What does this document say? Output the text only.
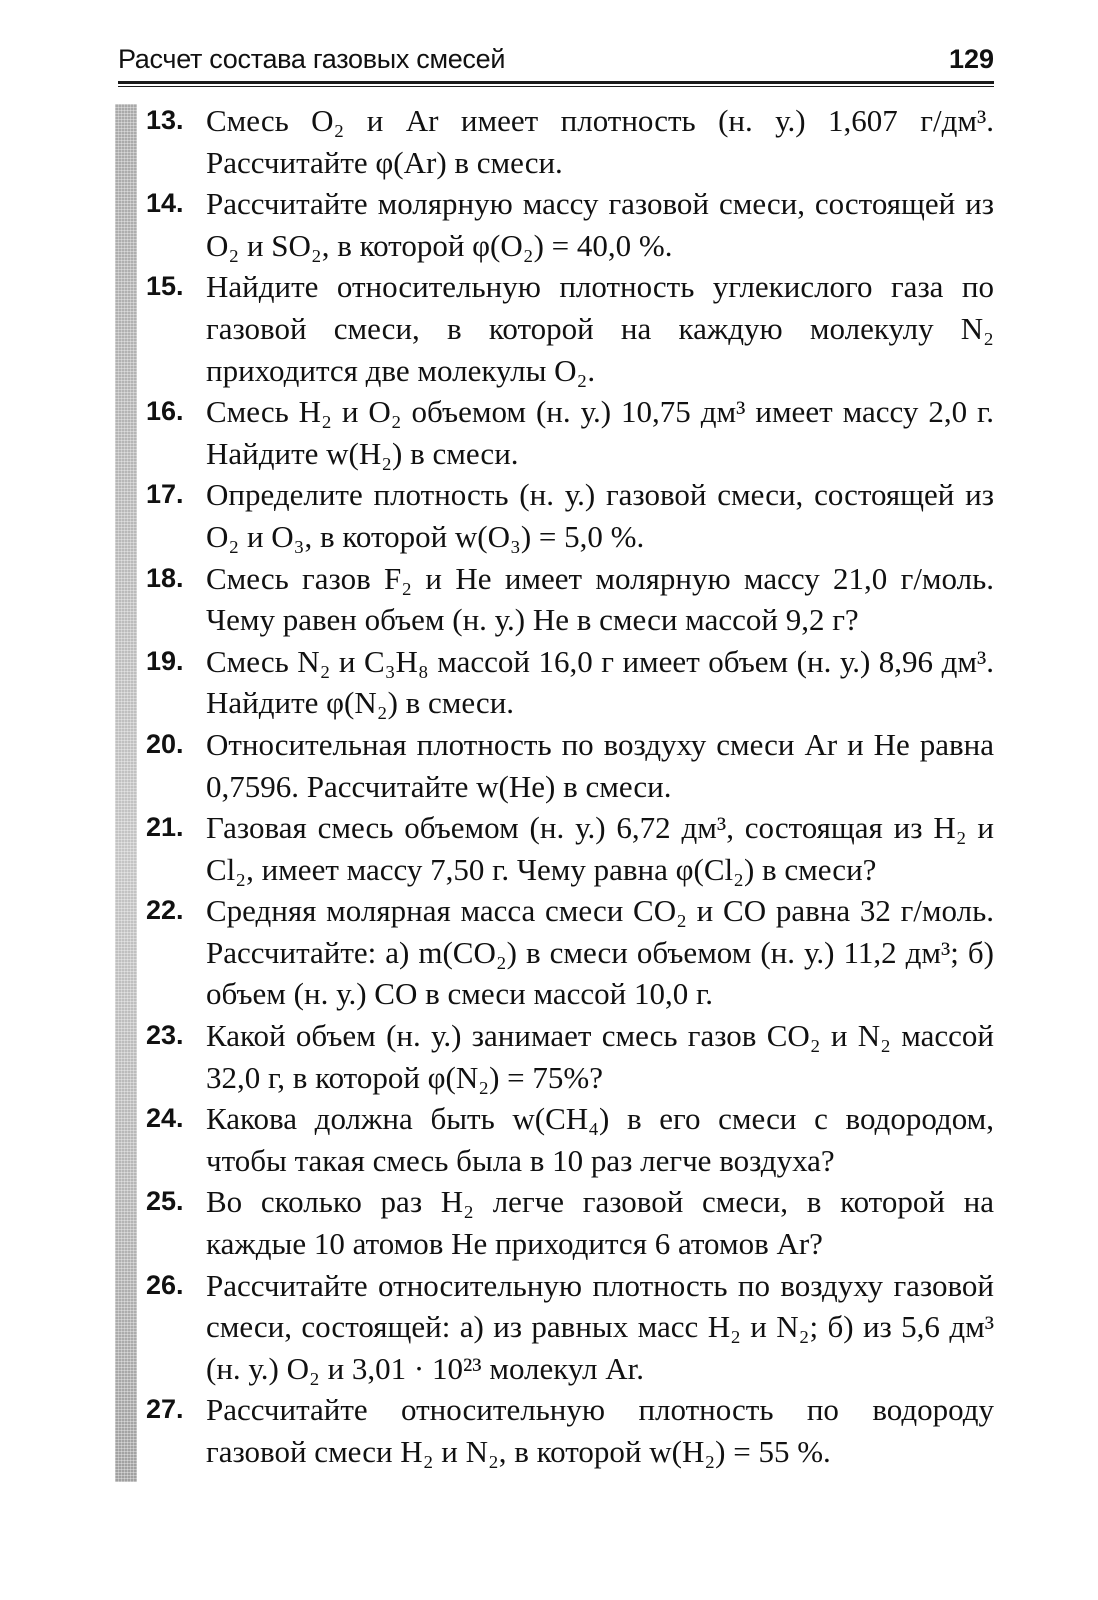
Расчет состава газовых смесей	129
13. Смесь O₂ и Ar имеет плотность (н. у.) 1,607 г/дм³. Рассчитайте φ(Ar) в смеси.
14. Рассчитайте молярную массу газовой смеси, состоящей из O₂ и SO₂, в которой φ(O₂) = 40,0 %.
15. Найдите относительную плотность углекислого газа по газовой смеси, в которой на каждую молекулу N₂ приходится две молекулы O₂.
16. Смесь H₂ и O₂ объемом (н. у.) 10,75 дм³ имеет массу 2,0 г. Найдите w(H₂) в смеси.
17. Определите плотность (н. у.) газовой смеси, состоящей из O₂ и O₃, в которой w(O₃) = 5,0 %.
18. Смесь газов F₂ и He имеет молярную массу 21,0 г/моль. Чему равен объем (н. у.) He в смеси массой 9,2 г?
19. Смесь N₂ и C₃H₈ массой 16,0 г имеет объем (н. у.) 8,96 дм³. Найдите φ(N₂) в смеси.
20. Относительная плотность по воздуху смеси Ar и He равна 0,7596. Рассчитайте w(He) в смеси.
21. Газовая смесь объемом (н. у.) 6,72 дм³, состоящая из H₂ и Cl₂, имеет массу 7,50 г. Чему равна φ(Cl₂) в смеси?
22. Средняя молярная масса смеси CO₂ и CO равна 32 г/моль. Рассчитайте: а) m(CO₂) в смеси объемом (н. у.) 11,2 дм³; б) объем (н. у.) CO в смеси массой 10,0 г.
23. Какой объем (н. у.) занимает смесь газов CO₂ и N₂ массой 32,0 г, в которой φ(N₂) = 75%?
24. Какова должна быть w(CH₄) в его смеси с водородом, чтобы такая смесь была в 10 раз легче воздуха?
25. Во сколько раз H₂ легче газовой смеси, в которой на каждые 10 атомов He приходится 6 атомов Ar?
26. Рассчитайте относительную плотность по воздуху газовой смеси, состоящей: а) из равных масс H₂ и N₂; б) из 5,6 дм³ (н. у.) O₂ и 3,01 · 10²³ молекул Ar.
27. Рассчитайте относительную плотность по водороду газовой смеси H₂ и N₂, в которой w(H₂) = 55 %.
